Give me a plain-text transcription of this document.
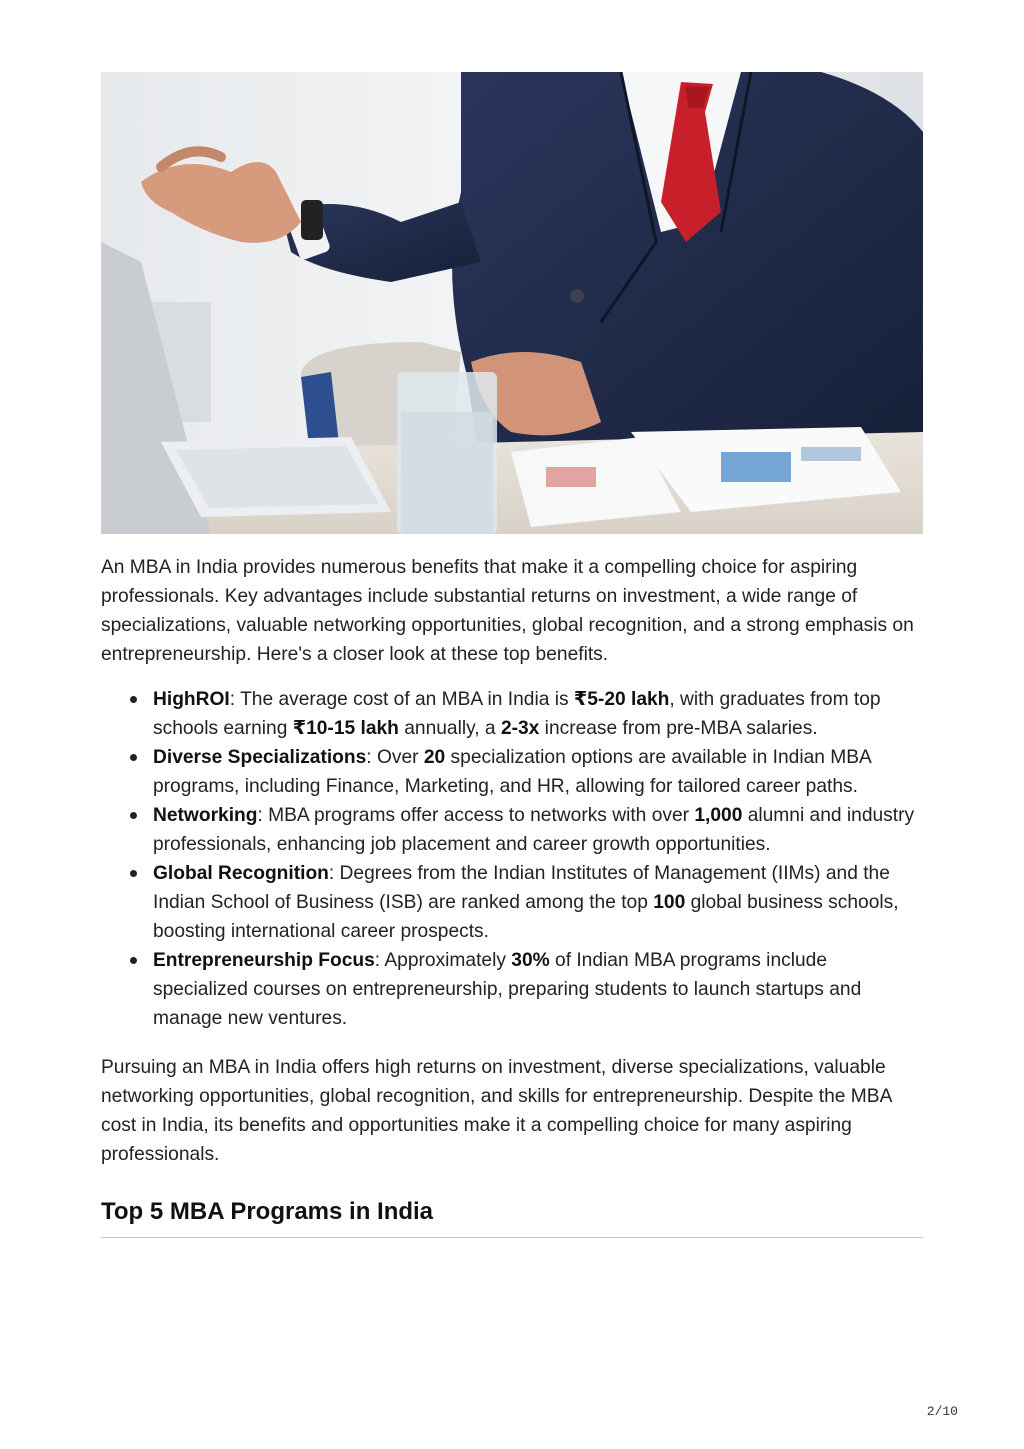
An MBA in India provides numerous benefits that make it a compelling choice for aspiring professionals. Key advantages include substantial returns on investment, a wide range of specializations, valuable networking opportunities, global recognition, and a strong emphasis on entrepreneurship. Here's a closer look at these top benefits.

HighROI: The average cost of an MBA in India is ₹5-20 lakh, with graduates from top schools earning ₹10-15 lakh annually, a 2-3x increase from pre-MBA salaries.
Diverse Specializations: Over 20 specialization options are available in Indian MBA programs, including Finance, Marketing, and HR, allowing for tailored career paths.
Networking: MBA programs offer access to networks with over 1,000 alumni and industry professionals, enhancing job placement and career growth opportunities.
Global Recognition: Degrees from the Indian Institutes of Management (IIMs) and the Indian School of Business (ISB) are ranked among the top 100 global business schools, boosting international career prospects.
Entrepreneurship Focus: Approximately 30% of Indian MBA programs include specialized courses on entrepreneurship, preparing students to launch startups and manage new ventures.

Pursuing an MBA in India offers high returns on investment, diverse specializations, valuable networking opportunities, global recognition, and skills for entrepreneurship. Despite the MBA cost in India, its benefits and opportunities make it a compelling choice for many aspiring professionals.

Top 5 MBA Programs in India
2/10
